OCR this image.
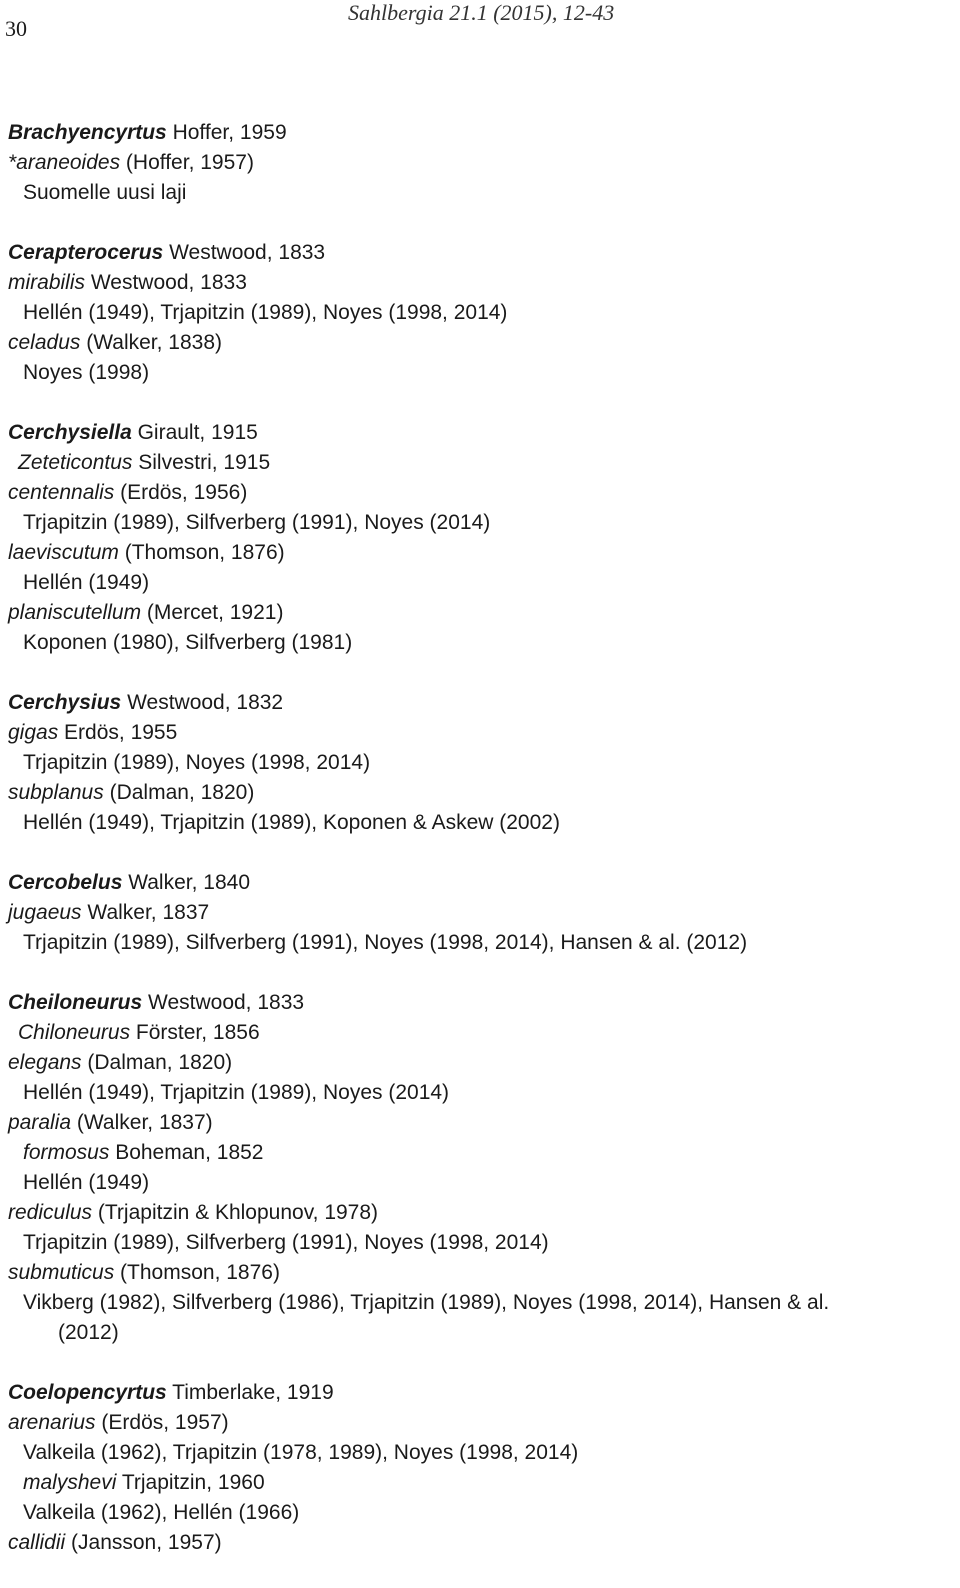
30
Sahlbergia 21.1 (2015), 12-43
Brachyencyrtus Hoffer, 1959
*araneoides (Hoffer, 1957)
Suomelle uusi laji
Cerapterocerus Westwood, 1833
mirabilis Westwood, 1833
Hellén (1949), Trjapitzin (1989), Noyes (1998, 2014)
celadus (Walker, 1838)
Noyes (1998)
Cerchysiella Girault, 1915
Zeteticontus Silvestri, 1915
centennalis (Erdös, 1956)
Trjapitzin (1989), Silfverberg (1991), Noyes (2014)
laeviscutum (Thomson, 1876)
Hellén (1949)
planiscutellum (Mercet, 1921)
Koponen (1980), Silfverberg (1981)
Cerchysius Westwood, 1832
gigas Erdös, 1955
Trjapitzin (1989), Noyes (1998, 2014)
subplanus (Dalman, 1820)
Hellén (1949), Trjapitzin (1989), Koponen & Askew (2002)
Cercobelus Walker, 1840
jugaeus Walker, 1837
Trjapitzin (1989), Silfverberg (1991), Noyes (1998, 2014), Hansen & al. (2012)
Cheiloneurus Westwood, 1833
Chiloneurus Förster, 1856
elegans (Dalman, 1820)
Hellén (1949), Trjapitzin (1989), Noyes (2014)
paralia (Walker, 1837)
formosus Boheman, 1852
Hellén (1949)
rediculus (Trjapitzin & Khlopunov, 1978)
Trjapitzin (1989), Silfverberg (1991), Noyes (1998, 2014)
submuticus (Thomson, 1876)
Vikberg (1982), Silfverberg (1986), Trjapitzin (1989), Noyes (1998, 2014), Hansen & al.
(2012)
Coelopencyrtus Timberlake, 1919
arenarius (Erdös, 1957)
Valkeila (1962), Trjapitzin (1978, 1989), Noyes (1998, 2014)
malyshevi Trjapitzin, 1960
Valkeila (1962), Hellén (1966)
callidii (Jansson, 1957)
